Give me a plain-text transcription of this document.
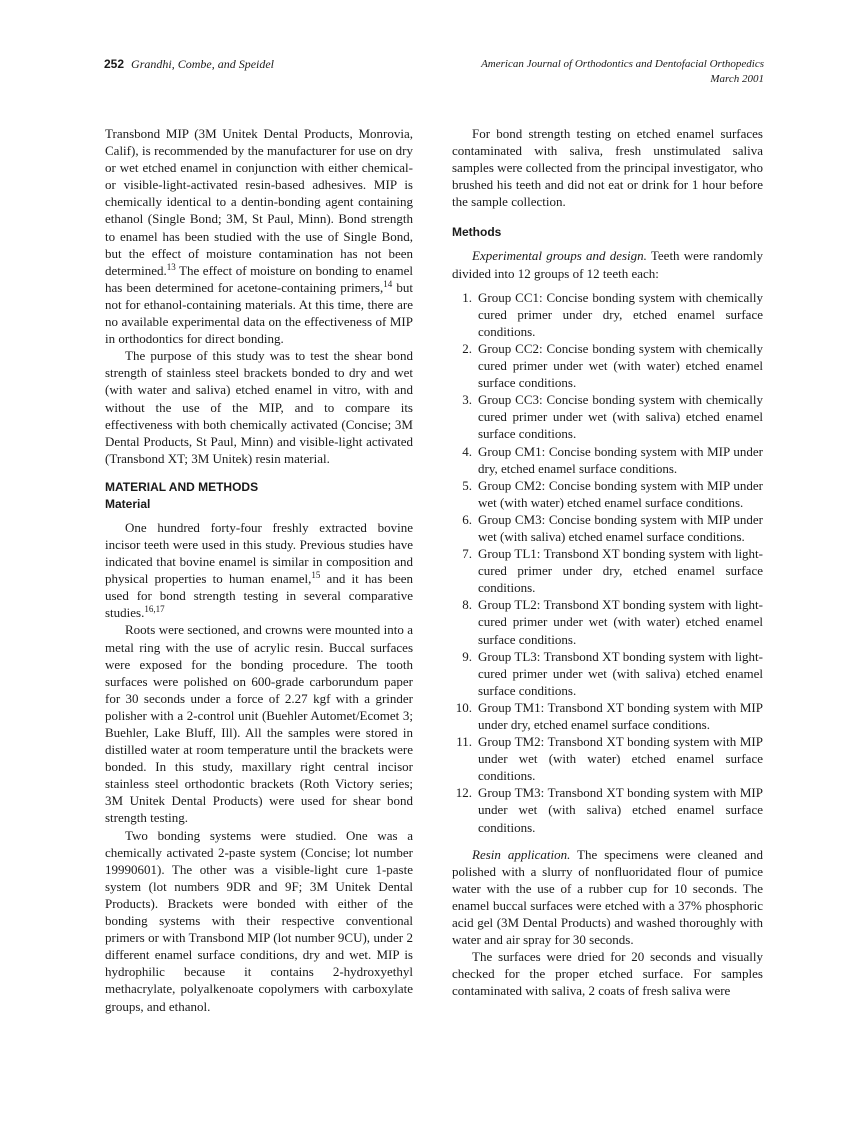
252 Grandhi, Combe, and Speidel	American Journal of Orthodontics and Dentofacial Orthopedics
March 2001

Transbond MIP (3M Unitek Dental Products, Monrovia, Calif), is recommended by the manufacturer for use on dry or wet etched enamel in conjunction with either chemical- or visible-light-activated resin-based adhesives. MIP is chemically identical to a dentin-bonding agent containing ethanol (Single Bond; 3M, St Paul, Minn). Bond strength to enamel has been studied with the use of Single Bond, but the effect of moisture contamination has not been determined.$^{13}$ The effect of moisture on bonding to enamel has been determined for acetone-containing primers,$^{14}$ but not for ethanol-containing materials. At this time, there are no available experimental data on the effectiveness of MIP in orthodontics for direct bonding.

The purpose of this study was to test the shear bond strength of stainless steel brackets bonded to dry and wet (with water and saliva) etched enamel in vitro, with and without the use of the MIP, and to compare its effectiveness with both chemically activated (Concise; 3M Dental Products, St Paul, Minn) and visible-light activated (Transbond XT; 3M Unitek) resin material.

MATERIAL AND METHODS
Material

One hundred forty-four freshly extracted bovine incisor teeth were used in this study. Previous studies have indicated that bovine enamel is similar in composition and physical properties to human enamel,$^{15}$ and it has been used for bond strength testing in several comparative studies.$^{16,17}$

Roots were sectioned, and crowns were mounted into a metal ring with the use of acrylic resin. Buccal surfaces were exposed for the bonding procedure. The tooth surfaces were polished on 600-grade carborundum paper for 30 seconds under a force of 2.27 kgf with a grinder polisher with a 2-control unit (Buehler Automet/Ecomet 3; Buehler, Lake Bluff, Ill). All the samples were stored in distilled water at room temperature until the brackets were bonded. In this study, maxillary right central incisor stainless steel orthodontic brackets (Roth Victory series; 3M Unitek Dental Products) were used for shear bond strength testing.

Two bonding systems were studied. One was a chemically activated 2-paste system (Concise; lot number 19990601). The other was a visible-light cure 1-paste system (lot numbers 9DR and 9F; 3M Unitek Dental Products). Brackets were bonded with either of the bonding systems with their respective conventional primers or with Transbond MIP (lot number 9CU), under 2 different enamel surface conditions, dry and wet. MIP is hydrophilic because it contains 2-hydroxyethyl methacrylate, polyalkenoate copolymers with carboxylate groups, and ethanol.

For bond strength testing on etched enamel surfaces contaminated with saliva, fresh unstimulated saliva samples were collected from the principal investigator, who brushed his teeth and did not eat or drink for 1 hour before the sample collection.

Methods

Experimental groups and design. Teeth were randomly divided into 12 groups of 12 teeth each:

1. Group CC1: Concise bonding system with chemically cured primer under dry, etched enamel surface conditions.
2. Group CC2: Concise bonding system with chemically cured primer under wet (with water) etched enamel surface conditions.
3. Group CC3: Concise bonding system with chemically cured primer under wet (with saliva) etched enamel surface conditions.
4. Group CM1: Concise bonding system with MIP under dry, etched enamel surface conditions.
5. Group CM2: Concise bonding system with MIP under wet (with water) etched enamel surface conditions.
6. Group CM3: Concise bonding system with MIP under wet (with saliva) etched enamel surface conditions.
7. Group TL1: Transbond XT bonding system with light-cured primer under dry, etched enamel surface conditions.
8. Group TL2: Transbond XT bonding system with light-cured primer under wet (with water) etched enamel surface conditions.
9. Group TL3: Transbond XT bonding system with light-cured primer under wet (with saliva) etched enamel surface conditions.
10. Group TM1: Transbond XT bonding system with MIP under dry, etched enamel surface conditions.
11. Group TM2: Transbond XT bonding system with MIP under wet (with water) etched enamel surface conditions.
12. Group TM3: Transbond XT bonding system with MIP under wet (with saliva) etched enamel surface conditions.

Resin application. The specimens were cleaned and polished with a slurry of nonfluoridated flour of pumice water with the use of a rubber cup for 10 seconds. The enamel buccal surfaces were etched with a 37% phosphoric acid gel (3M Dental Products) and washed thoroughly with water and air spray for 30 seconds.

The surfaces were dried for 20 seconds and visually checked for the proper etched surface. For samples contaminated with saliva, 2 coats of fresh saliva were
